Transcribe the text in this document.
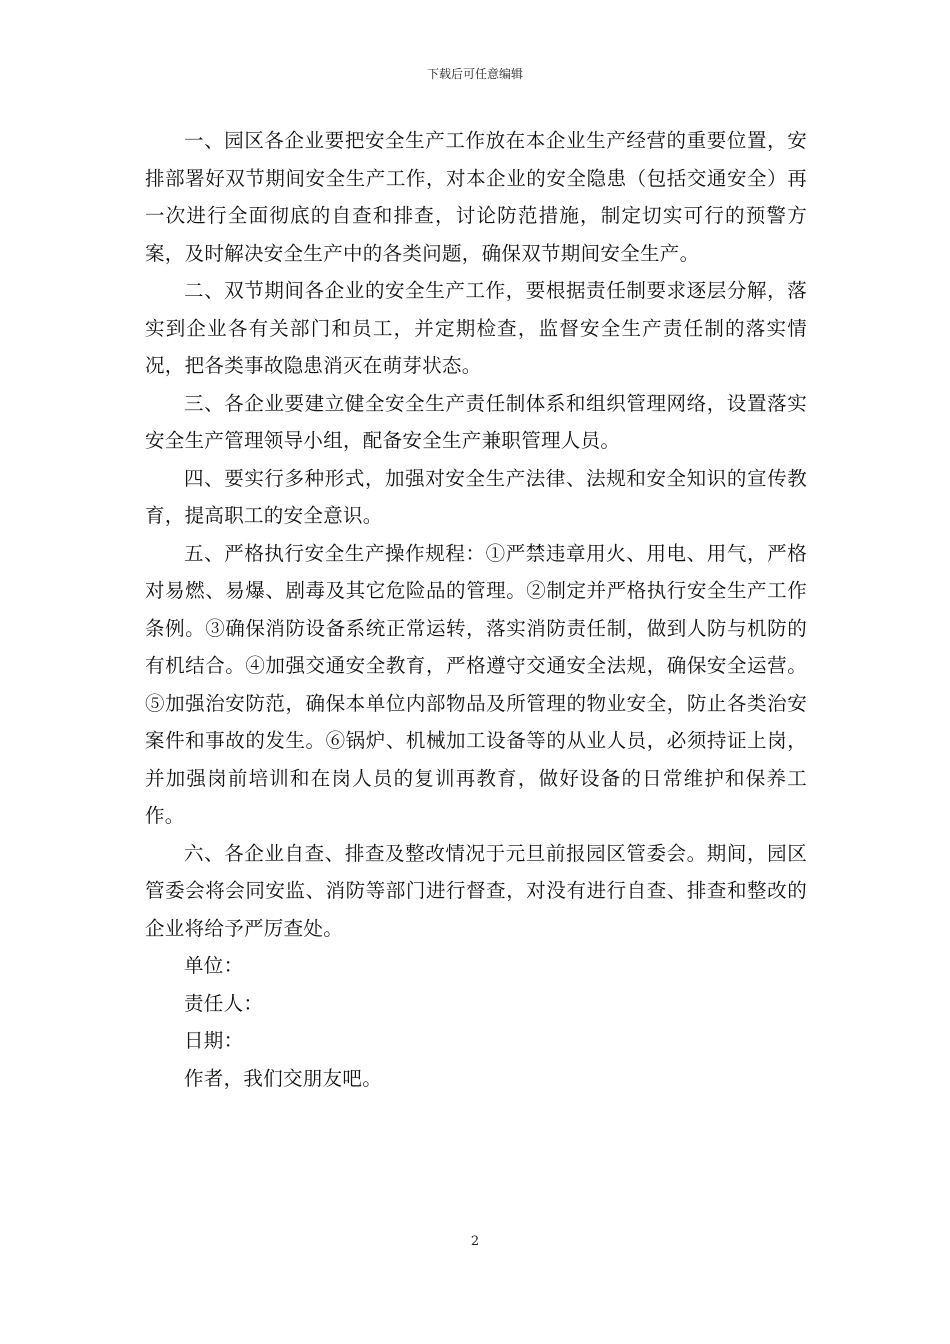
下载后可任意编辑

一、园区各企业要把安全生产工作放在本企业生产经营的重要位置，安排部署好双节期间安全生产工作，对本企业的安全隐患（包括交通安全）再一次进行全面彻底的自查和排查，讨论防范措施，制定切实可行的预警方案，及时解决安全生产中的各类问题，确保双节期间安全生产。

二、双节期间各企业的安全生产工作，要根据责任制要求逐层分解，落实到企业各有关部门和员工，并定期检查，监督安全生产责任制的落实情况，把各类事故隐患消灭在萌芽状态。

三、各企业要建立健全安全生产责任制体系和组织管理网络，设置落实安全生产管理领导小组，配备安全生产兼职管理人员。

四、要实行多种形式，加强对安全生产法律、法规和安全知识的宣传教育，提高职工的安全意识。

五、严格执行安全生产操作规程：①严禁违章用火、用电、用气，严格对易燃、易爆、剧毒及其它危险品的管理。②制定并严格执行安全生产工作条例。③确保消防设备系统正常运转，落实消防责任制，做到人防与机防的有机结合。④加强交通安全教育，严格遵守交通安全法规，确保安全运营。⑤加强治安防范，确保本单位内部物品及所管理的物业安全，防止各类治安案件和事故的发生。⑥锅炉、机械加工设备等的从业人员，必须持证上岗，并加强岗前培训和在岗人员的复训再教育，做好设备的日常维护和保养工作。

六、各企业自查、排查及整改情况于元旦前报园区管委会。期间，园区管委会将会同安监、消防等部门进行督查，对没有进行自查、排查和整改的企业将给予严厉查处。

单位：

责任人：

日期：

作者，我们交朋友吧。

2
